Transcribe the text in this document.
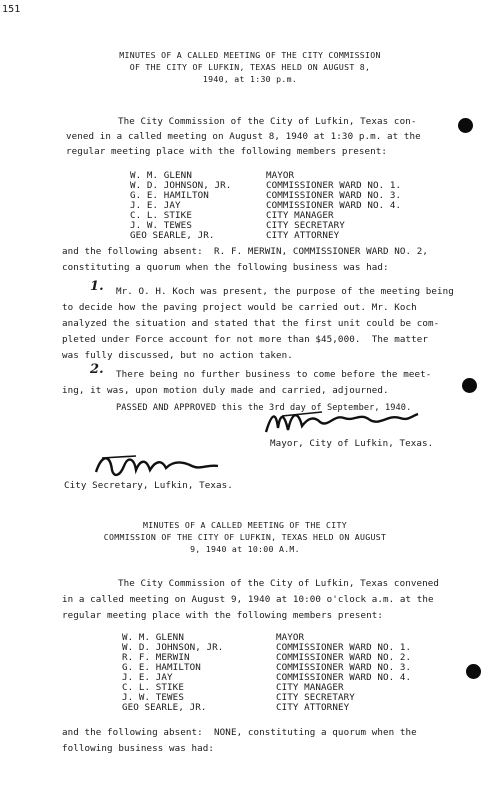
151
MINUTES OF A CALLED MEETING OF THE CITY COMMISSION
OF THE CITY OF LUFKIN, TEXAS HELD ON AUGUST 8,
1940, at 1:30 p.m.
The City Commission of the City of Lufkin, Texas con-
vened in a called meeting on August 8, 1940 at 1:30 p.m. at the
regular meeting place with the following members present:
W. M. GLENN	MAYOR
W. D. JOHNSON, JR.	COMMISSIONER WARD NO. 1.
G. E. HAMILTON	COMMISSIONER WARD NO. 3.
J. E. JAY	COMMISSIONER WARD NO. 4.
C. L. STIKE	CITY MANAGER
J. W. TEWES	CITY SECRETARY
GEO SEARLE, JR.	CITY ATTORNEY
and the following absent:  R. F. MERWIN, COMMISSIONER WARD NO. 2,
constituting a quorum when the following business was had:
1. Mr. O. H. Koch was present, the purpose of the meeting being
to decide how the paving project would be carried out. Mr. Koch
analyzed the situation and stated that the first unit could be com-
pleted under Force account for not more than $45,000.  The matter
was fully discussed, but no action taken.
2. There being no further business to come before the meet-
ing, it was, upon motion duly made and carried, adjourned.
PASSED AND APPROVED this the 3rd day of September, 1940.
Mayor, City of Lufkin, Texas.
City Secretary, Lufkin, Texas.
MINUTES OF A CALLED MEETING OF THE CITY
COMMISSION OF THE CITY OF LUFKIN, TEXAS HELD ON AUGUST
9, 1940 at 10:00 A.M.
The City Commission of the City of Lufkin, Texas convened
in a called meeting on August 9, 1940 at 10:00 o'clock a.m. at the
regular meeting place with the following members present:
W. M. GLENN	MAYOR
W. D. JOHNSON, JR.	COMMISSIONER WARD NO. 1.
R. F. MERWIN	COMMISSIONER WARD NO. 2.
G. E. HAMILTON	COMMISSIONER WARD NO. 3.
J. E. JAY	COMMISSIONER WARD NO. 4.
C. L. STIKE	CITY MANAGER
J. W. TEWES	CITY SECRETARY
GEO SEARLE, JR.	CITY ATTORNEY
and the following absent:  NONE, constituting a quorum when the
following business was had:
